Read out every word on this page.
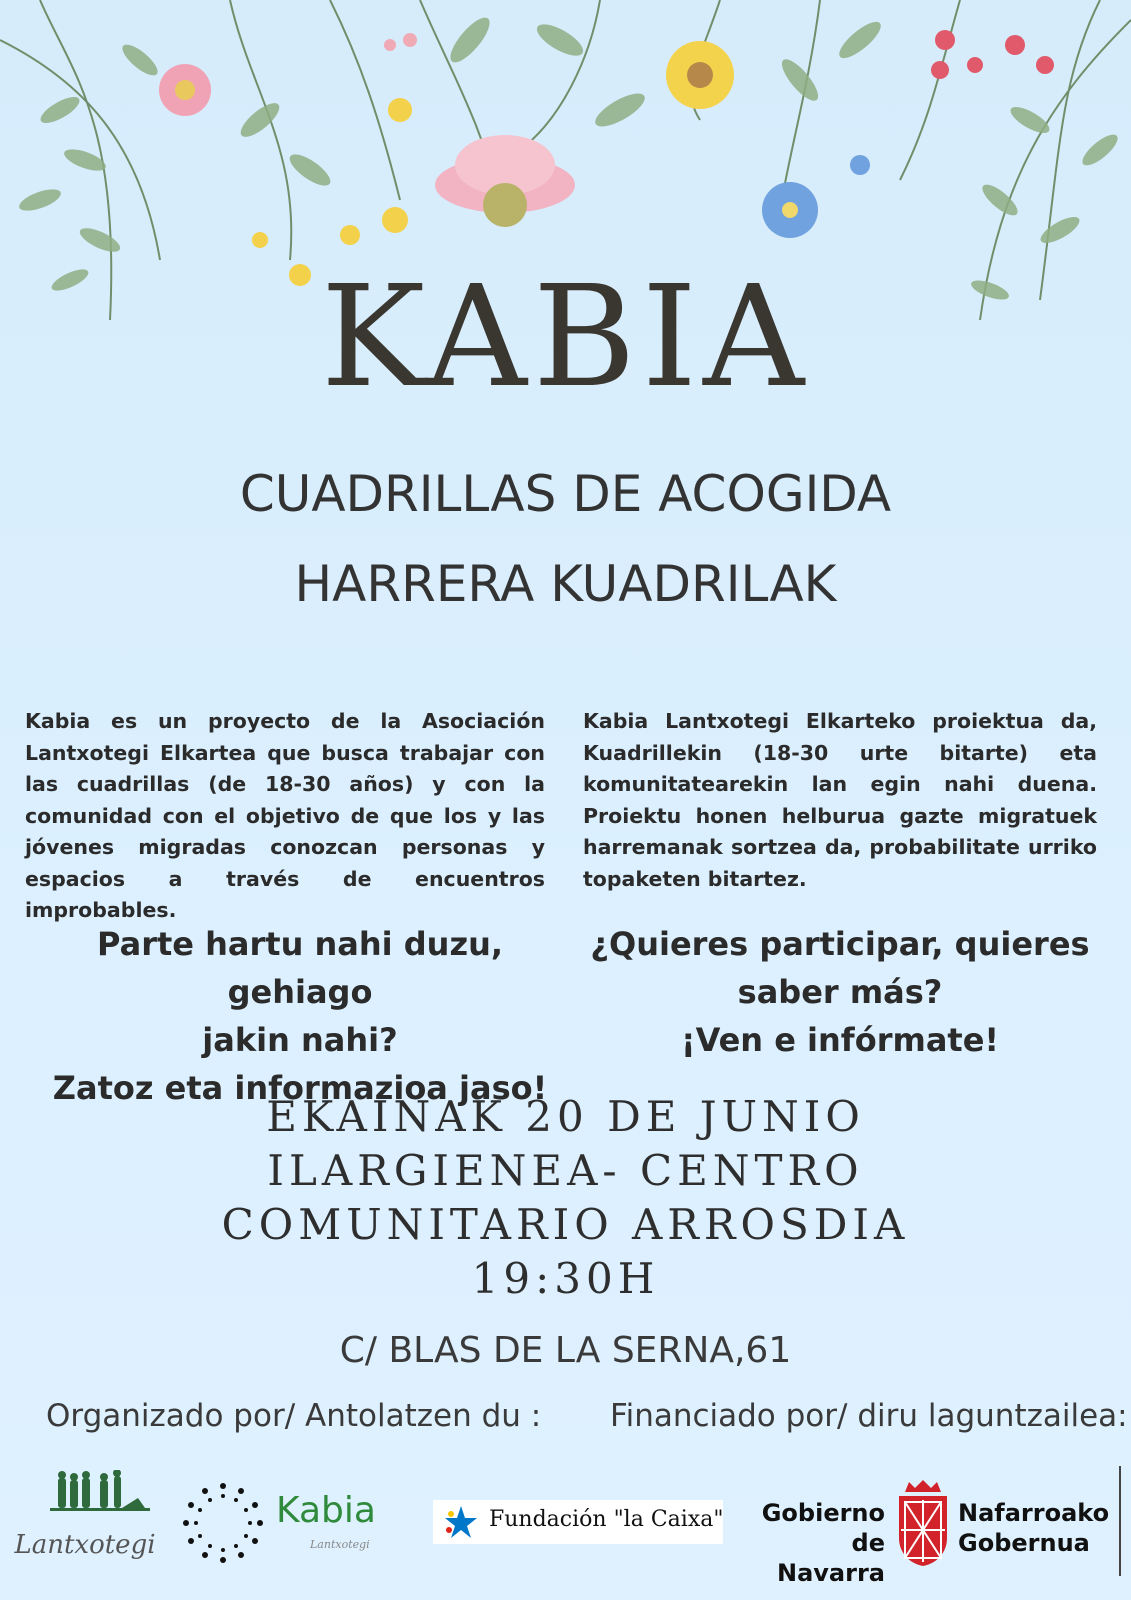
KABIA
CUADRILLAS DE ACOGIDA
HARRERA KUADRILAK
Kabia es un proyecto de la Asociación Lantxotegi Elkartea que busca trabajar con las cuadrillas (de 18-30 años) y con la comunidad con el objetivo de que los y las jóvenes migradas conozcan personas y espacios a través de encuentros improbables.
Kabia Lantxotegi Elkarteko proiektua da, Kuadrillekin (18-30 urte bitarte) eta komunitatearekin lan egin nahi duena. Proiektu honen helburua gazte migratuek harremanak sortzea da, probabilitate urriko topaketen bitartez.
Parte hartu nahi duzu, gehiago
jakin nahi?
Zatoz eta informazioa jaso!
¿Quieres participar, quieres
saber más?
¡Ven e infórmate!
EKAINAK 20 DE JUNIO
ILARGIENEA- CENTRO
COMUNITARIO ARROSDIA
19:30H
C/ BLAS DE LA SERNA,61
Organizado por/ Antolatzen du : Financiado por/ diru laguntzailea:
Lantxotegi
Kabia
Lantxotegi
Fundación "la Caixa"	Gobierno
de Navarra
Nafarroako
Gobernua
